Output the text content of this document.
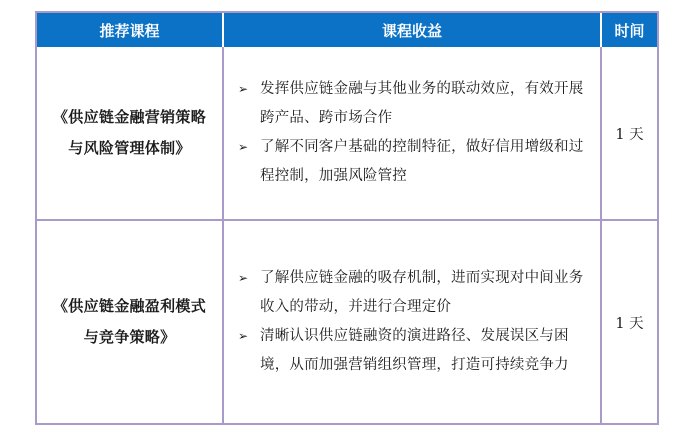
推荐课程	课程收益	时间
《供应链金融营销策略与风险管理体制》
➢ 发挥供应链金融与其他业务的联动效应，有效开展跨产品、跨市场合作
➢ 了解不同客户基础的控制特征，做好信用增级和过程控制，加强风险管控
1 天
《供应链金融盈利模式与竞争策略》
➢ 了解供应链金融的吸存机制，进而实现对中间业务收入的带动，并进行合理定价
➢ 清晰认识供应链融资的演进路径、发展误区与困境，从而加强营销组织管理，打造可持续竞争力
1 天
